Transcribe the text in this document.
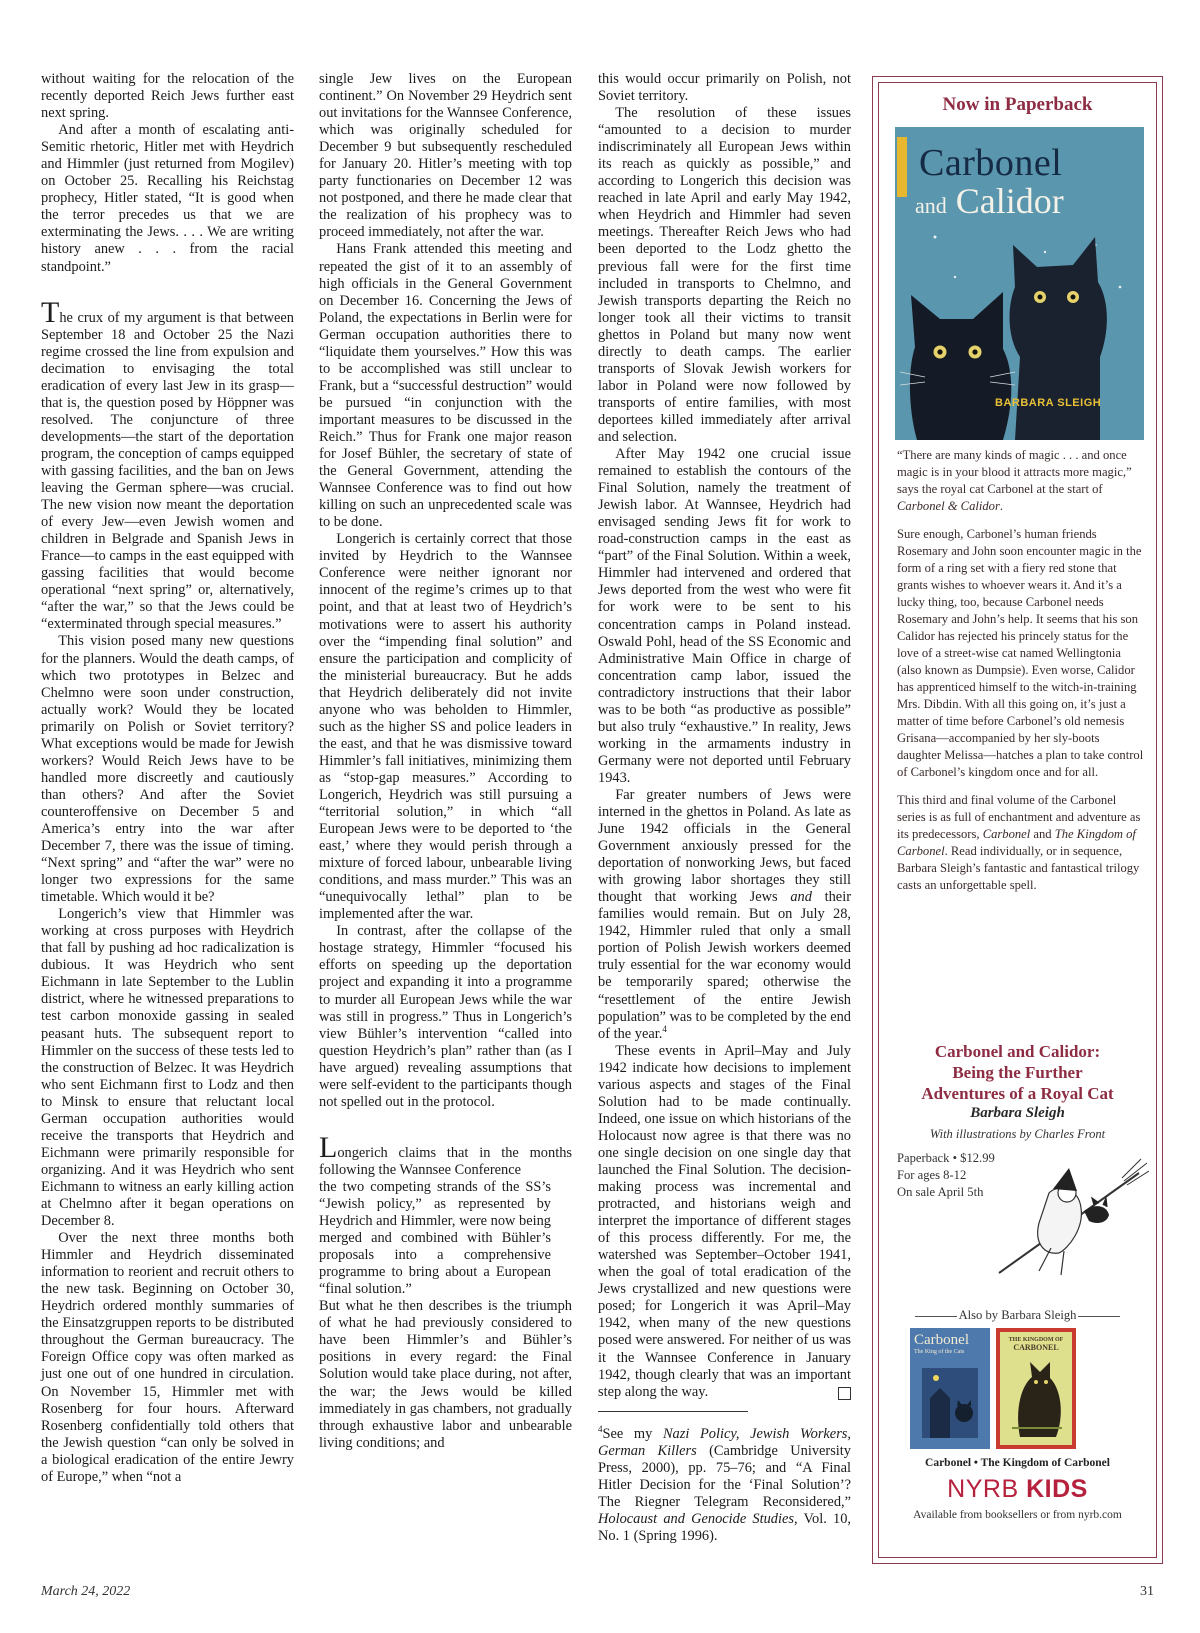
without waiting for the relocation of the recently deported Reich Jews further east next spring.

And after a month of escalating anti-Semitic rhetoric, Hitler met with Heydrich and Himmler (just returned from Mogilev) on October 25. Recalling his Reichstag prophecy, Hitler stated, “It is good when the terror precedes us that we are exterminating the Jews. . . . We are writing history anew . . . from the racial standpoint.”

The crux of my argument is that between September 18 and October 25 the Nazi regime crossed the line from expulsion and decimation to envisaging the total eradication of every last Jew in its grasp—that is, the question posed by Höppner was resolved. The conjuncture of three developments—the start of the deportation program, the conception of camps equipped with gassing facilities, and the ban on Jews leaving the German sphere—was crucial. The new vision now meant the deportation of every Jew—even Jewish women and children in Belgrade and Spanish Jews in France—to camps in the east equipped with gassing facilities that would become operational “next spring” or, alternatively, “after the war,” so that the Jews could be “exterminated through special measures.”

This vision posed many new questions for the planners. Would the death camps, of which two prototypes in Belzec and Chelmno were soon under construction, actually work? Would they be located primarily on Polish or Soviet territory? What exceptions would be made for Jewish workers? Would Reich Jews have to be handled more discreetly and cautiously than others? And after the Soviet counteroffensive on December 5 and America’s entry into the war after December 7, there was the issue of timing. “Next spring” and “after the war” were no longer two expressions for the same timetable. Which would it be?

Longerich’s view that Himmler was working at cross purposes with Heydrich that fall by pushing ad hoc radicalization is dubious. It was Heydrich who sent Eichmann in late September to the Lublin district, where he witnessed preparations to test carbon monoxide gassing in sealed peasant huts. The subsequent report to Himmler on the success of these tests led to the construction of Belzec. It was Heydrich who sent Eichmann first to Lodz and then to Minsk to ensure that reluctant local German occupation authorities would receive the transports that Heydrich and Eichmann were primarily responsible for organizing. And it was Heydrich who sent Eichmann to witness an early killing action at Chelmno after it began operations on December 8.

Over the next three months both Himmler and Heydrich disseminated information to reorient and recruit others to the new task. Beginning on October 30, Heydrich ordered monthly summaries of the Einsatzgruppen reports to be distributed throughout the German bureaucracy. The Foreign Office copy was often marked as just one out of one hundred in circulation. On November 15, Himmler met with Rosenberg for four hours. Afterward Rosenberg confidentially told others that the Jewish question “can only be solved in a biological eradication of the entire Jewry of Europe,” when “not a

single Jew lives on the European continent.” On November 29 Heydrich sent out invitations for the Wannsee Conference, which was originally scheduled for December 9 but subsequently rescheduled for January 20. Hitler’s meeting with top party functionaries on December 12 was not postponed, and there he made clear that the realization of his prophecy was to proceed immediately, not after the war.

Hans Frank attended this meeting and repeated the gist of it to an assembly of high officials in the General Government on December 16. Concerning the Jews of Poland, the expectations in Berlin were for German occupation authorities there to “liquidate them yourselves.” How this was to be accomplished was still unclear to Frank, but a “successful destruction” would be pursued “in conjunction with the important measures to be discussed in the Reich.” Thus for Frank one major reason for Josef Bühler, the secretary of state of the General Government, attending the Wannsee Conference was to find out how killing on such an unprecedented scale was to be done.

Longerich is certainly correct that those invited by Heydrich to the Wannsee Conference were neither ignorant nor innocent of the regime’s crimes up to that point, and that at least two of Heydrich’s motivations were to assert his authority over the “impending final solution” and ensure the participation and complicity of the ministerial bureaucracy. But he adds that Heydrich deliberately did not invite anyone who was beholden to Himmler, such as the higher SS and police leaders in the east, and that he was dismissive toward Himmler’s fall initiatives, minimizing them as “stop-gap measures.” According to Longerich, Heydrich was still pursuing a “territorial solution,” in which “all European Jews were to be deported to ‘the east,’ where they would perish through a mixture of forced labour, unbearable living conditions, and mass murder.” This was an “unequivocally lethal” plan to be implemented after the war.

In contrast, after the collapse of the hostage strategy, Himmler “focused his efforts on speeding up the deportation project and expanding it into a programme to murder all European Jews while the war was still in progress.” Thus in Longerich’s view Bühler’s intervention “called into question Heydrich’s plan” rather than (as I have argued) revealing assumptions that were self-evident to the participants though not spelled out in the protocol.

Longerich claims that in the months following the Wannsee Conference

the two competing strands of the SS’s “Jewish policy,” as represented by Heydrich and Himmler, were now being merged and combined with Bühler’s proposals into a comprehensive programme to bring about a European “final solution.”

But what he then describes is the triumph of what he had previously considered to have been Himmler’s and Bühler’s positions in every regard: the Final Solution would take place during, not after, the war; the Jews would be killed immediately in gas chambers, not gradually through exhaustive labor and unbearable living conditions; and

this would occur primarily on Polish, not Soviet territory.

The resolution of these issues “amounted to a decision to murder indiscriminately all European Jews within its reach as quickly as possible,” and according to Longerich this decision was reached in late April and early May 1942, when Heydrich and Himmler had seven meetings. Thereafter Reich Jews who had been deported to the Lodz ghetto the previous fall were for the first time included in transports to Chelmno, and Jewish transports departing the Reich no longer took all their victims to transit ghettos in Poland but many now went directly to death camps. The earlier transports of Slovak Jewish workers for labor in Poland were now followed by transports of entire families, with most deportees killed immediately after arrival and selection.

After May 1942 one crucial issue remained to establish the contours of the Final Solution, namely the treatment of Jewish labor. At Wannsee, Heydrich had envisaged sending Jews fit for work to road-construction camps in the east as “part” of the Final Solution. Within a week, Himmler had intervened and ordered that Jews deported from the west who were fit for work were to be sent to his concentration camps in Poland instead. Oswald Pohl, head of the SS Economic and Administrative Main Office in charge of concentration camp labor, issued the contradictory instructions that their labor was to be both “as productive as possible” but also truly “exhaustive.” In reality, Jews working in the armaments industry in Germany were not deported until February 1943.

Far greater numbers of Jews were interned in the ghettos in Poland. As late as June 1942 officials in the General Government anxiously pressed for the deportation of nonworking Jews, but faced with growing labor shortages they still thought that working Jews and their families would remain. But on July 28, 1942, Himmler ruled that only a small portion of Polish Jewish workers deemed truly essential for the war economy would be temporarily spared; otherwise the “resettlement of the entire Jewish population” was to be completed by the end of the year.$^4$

These events in April–May and July 1942 indicate how decisions to implement various aspects and stages of the Final Solution had to be made continually. Indeed, one issue on which historians of the Holocaust now agree is that there was no one single decision on one single day that launched the Final Solution. The decision-making process was incremental and protracted, and historians weigh and interpret the importance of different stages of this process differently. For me, the watershed was September–October 1941, when the goal of total eradication of the Jews crystallized and new questions were posed; for Longerich it was April–May 1942, when many of the new questions posed were answered. For neither of us was it the Wannsee Conference in January 1942, though clearly that was an important step along the way.

$^4$See my Nazi Policy, Jewish Workers, German Killers (Cambridge University Press, 2000), pp. 75–76; and “A Final Hitler Decision for the ‘Final Solution’? The Riegner Telegram Reconsidered,” Holocaust and Genocide Studies, Vol. 10, No. 1 (Spring 1996).

Now in Paperback
Carbonel
and Calidor
BARBARA SLEIGH

“There are many kinds of magic . . . and once magic is in your blood it attracts more magic,” says the royal cat Carbonel at the start of Carbonel & Calidor.

Sure enough, Carbonel’s human friends Rosemary and John soon encounter magic in the form of a ring set with a fiery red stone that grants wishes to whoever wears it. And it’s a lucky thing, too, because Carbonel needs Rosemary and John’s help. It seems that his son Calidor has rejected his princely status for the love of a street-wise cat named Wellingtonia (also known as Dumpsie). Even worse, Calidor has apprenticed himself to the witch-in-training Mrs. Dibdin. With all this going on, it’s just a matter of time before Carbonel’s old nemesis Grisana—accompanied by her sly-boots daughter Melissa—hatches a plan to take control of Carbonel’s kingdom once and for all.

This third and final volume of the Carbonel series is as full of enchantment and adventure as its predecessors, Carbonel and The Kingdom of Carbonel. Read individually, or in sequence, Barbara Sleigh’s fantastic and fantastical trilogy casts an unforgettable spell.

Carbonel and Calidor:
Being the Further
Adventures of a Royal Cat
Barbara Sleigh
With illustrations by Charles Front
Paperback • $12.99
For ages 8-12
On sale April 5th
Also by Barbara Sleigh
Carbonel
The King of the Cats
THE KINGDOM OF
CARBONEL
Carbonel • The Kingdom of Carbonel
NYRB KIDS
Available from booksellers or from nyrb.com
March 24, 2022	31
